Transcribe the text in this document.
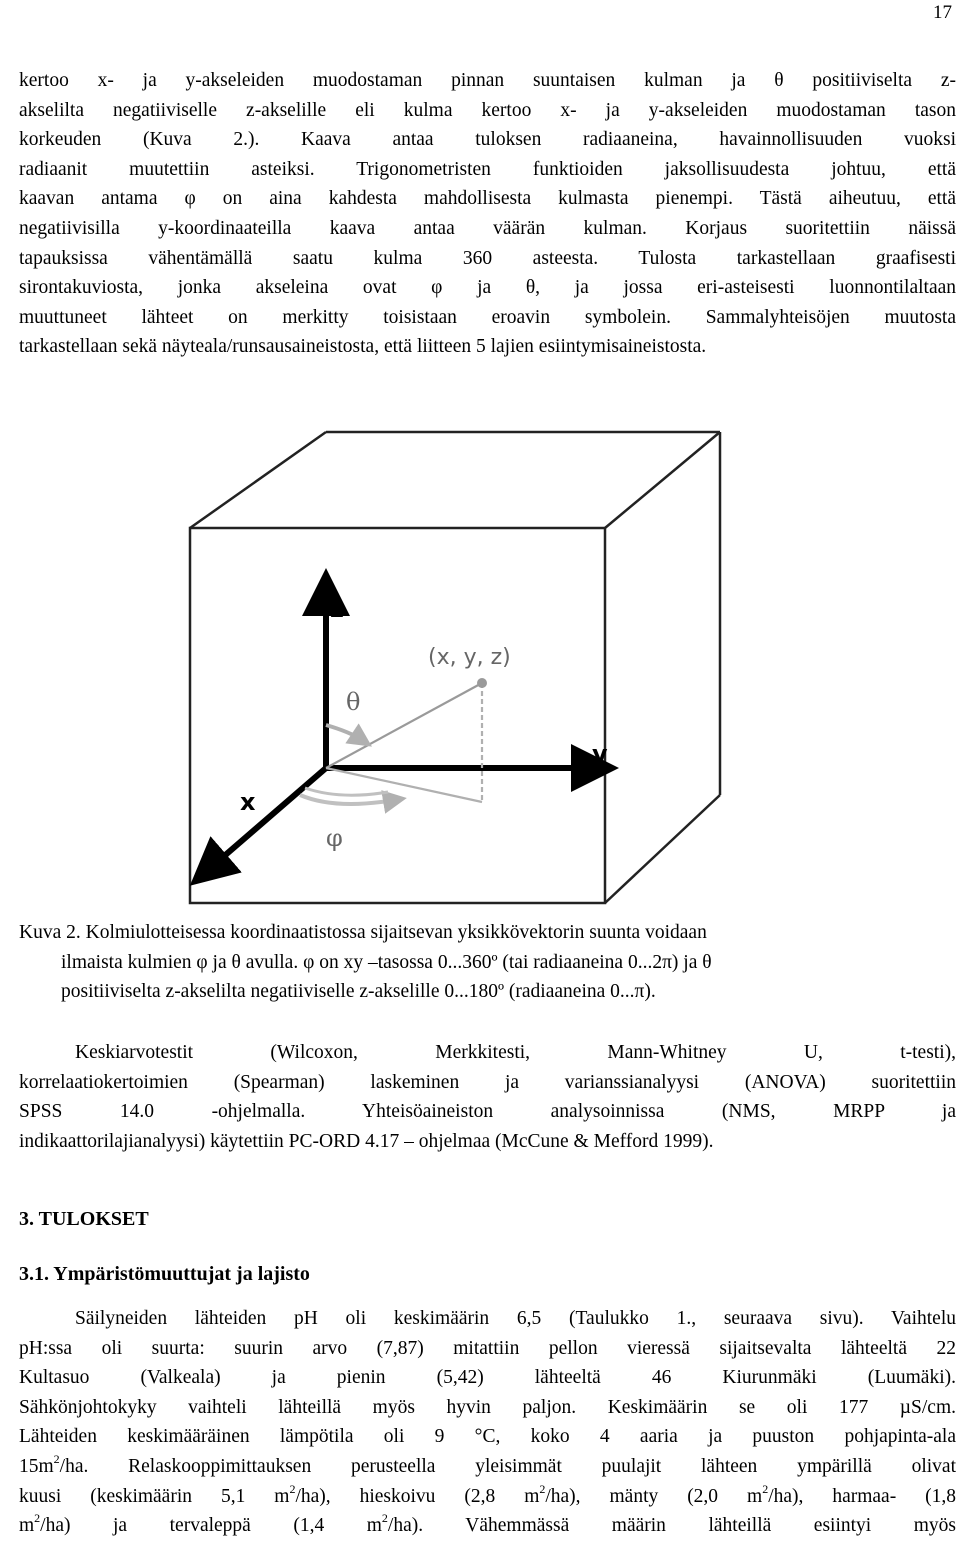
17

kertoo x- ja y-akseleiden muodostaman pinnan suuntaisen kulman ja θ positiiviselta z-
akselilta negatiiviselle z-akselille eli kulma kertoo x- ja y-akseleiden muodostaman tason
korkeuden (Kuva 2.). Kaava antaa tuloksen radiaaneina, havainnollisuuden vuoksi
radiaanit muutettiin asteiksi. Trigonometristen funktioiden jaksollisuudesta johtuu, että
kaavan antama φ on aina kahdesta mahdollisesta kulmasta pienempi. Tästä aiheutuu, että
negatiivisilla y-koordinaateilla kaava antaa väärän kulman. Korjaus suoritettiin näissä
tapauksissa vähentämällä saatu kulma 360 asteesta. Tulosta tarkastellaan graafisesti
sirontakuviosta, jonka akseleina ovat φ ja θ, ja jossa eri-asteisesti luonnontilaltaan
muuttuneet lähteet on merkitty toisistaan eroavin symbolein. Sammalyhteisöjen muutosta
tarkastellaan sekä näyteala/runsausaineistosta, että liitteen 5 lajien esiintymisaineistosta.

z
y
x
(x, y, z)
θ
φ
Kuva 2. Kolmiulotteisessa koordinaatistossa sijaitsevan yksikkövektorin suunta voidaan
ilmaista kulmien φ ja θ avulla. φ on xy –tasossa 0...360º (tai radiaaneina 0...2π) ja θ
positiiviselta z-akselilta negatiiviselle z-akselille 0...180º (radiaaneina 0...π).

Keskiarvotestit (Wilcoxon, Merkkitesti, Mann-Whitney U, t-testi),
korrelaatiokertoimien (Spearman) laskeminen ja varianssianalyysi (ANOVA) suoritettiin
SPSS 14.0 -ohjelmalla. Yhteisöaineiston analysoinnissa (NMS, MRPP ja
indikaattorilajianalyysi) käytettiin PC-ORD 4.17 – ohjelmaa (McCune & Mefford 1999).

3. TULOKSET
3.1. Ympäristömuuttujat ja lajisto

Säilyneiden lähteiden pH oli keskimäärin 6,5 (Taulukko 1., seuraava sivu). Vaihtelu
pH:ssa oli suurta: suurin arvo (7,87) mitattiin pellon vieressä sijaitsevalta lähteeltä 22
Kultasuo (Valkeala) ja pienin (5,42) lähteeltä 46 Kiurunmäki (Luumäki).
Sähkönjohtokyky vaihteli lähteillä myös hyvin paljon. Keskimäärin se oli 177 µS/cm.
Lähteiden keskimääräinen lämpötila oli 9 °C, koko 4 aaria ja puuston pohjapinta-ala
$15m^2/ha$. Relaskooppimittauksen perusteella yleisimmät puulajit lähteen ympärillä olivat
kuusi (keskimäärin 5,1 $m^2/ha$), hieskoivu (2,8 $m^2/ha$), mänty (2,0 $m^2/ha$), harmaa- (1,8
$m^2/ha$) ja tervaleppä (1,4 $m^2/ha$). Vähemmässä määrin lähteillä esiintyi myös
